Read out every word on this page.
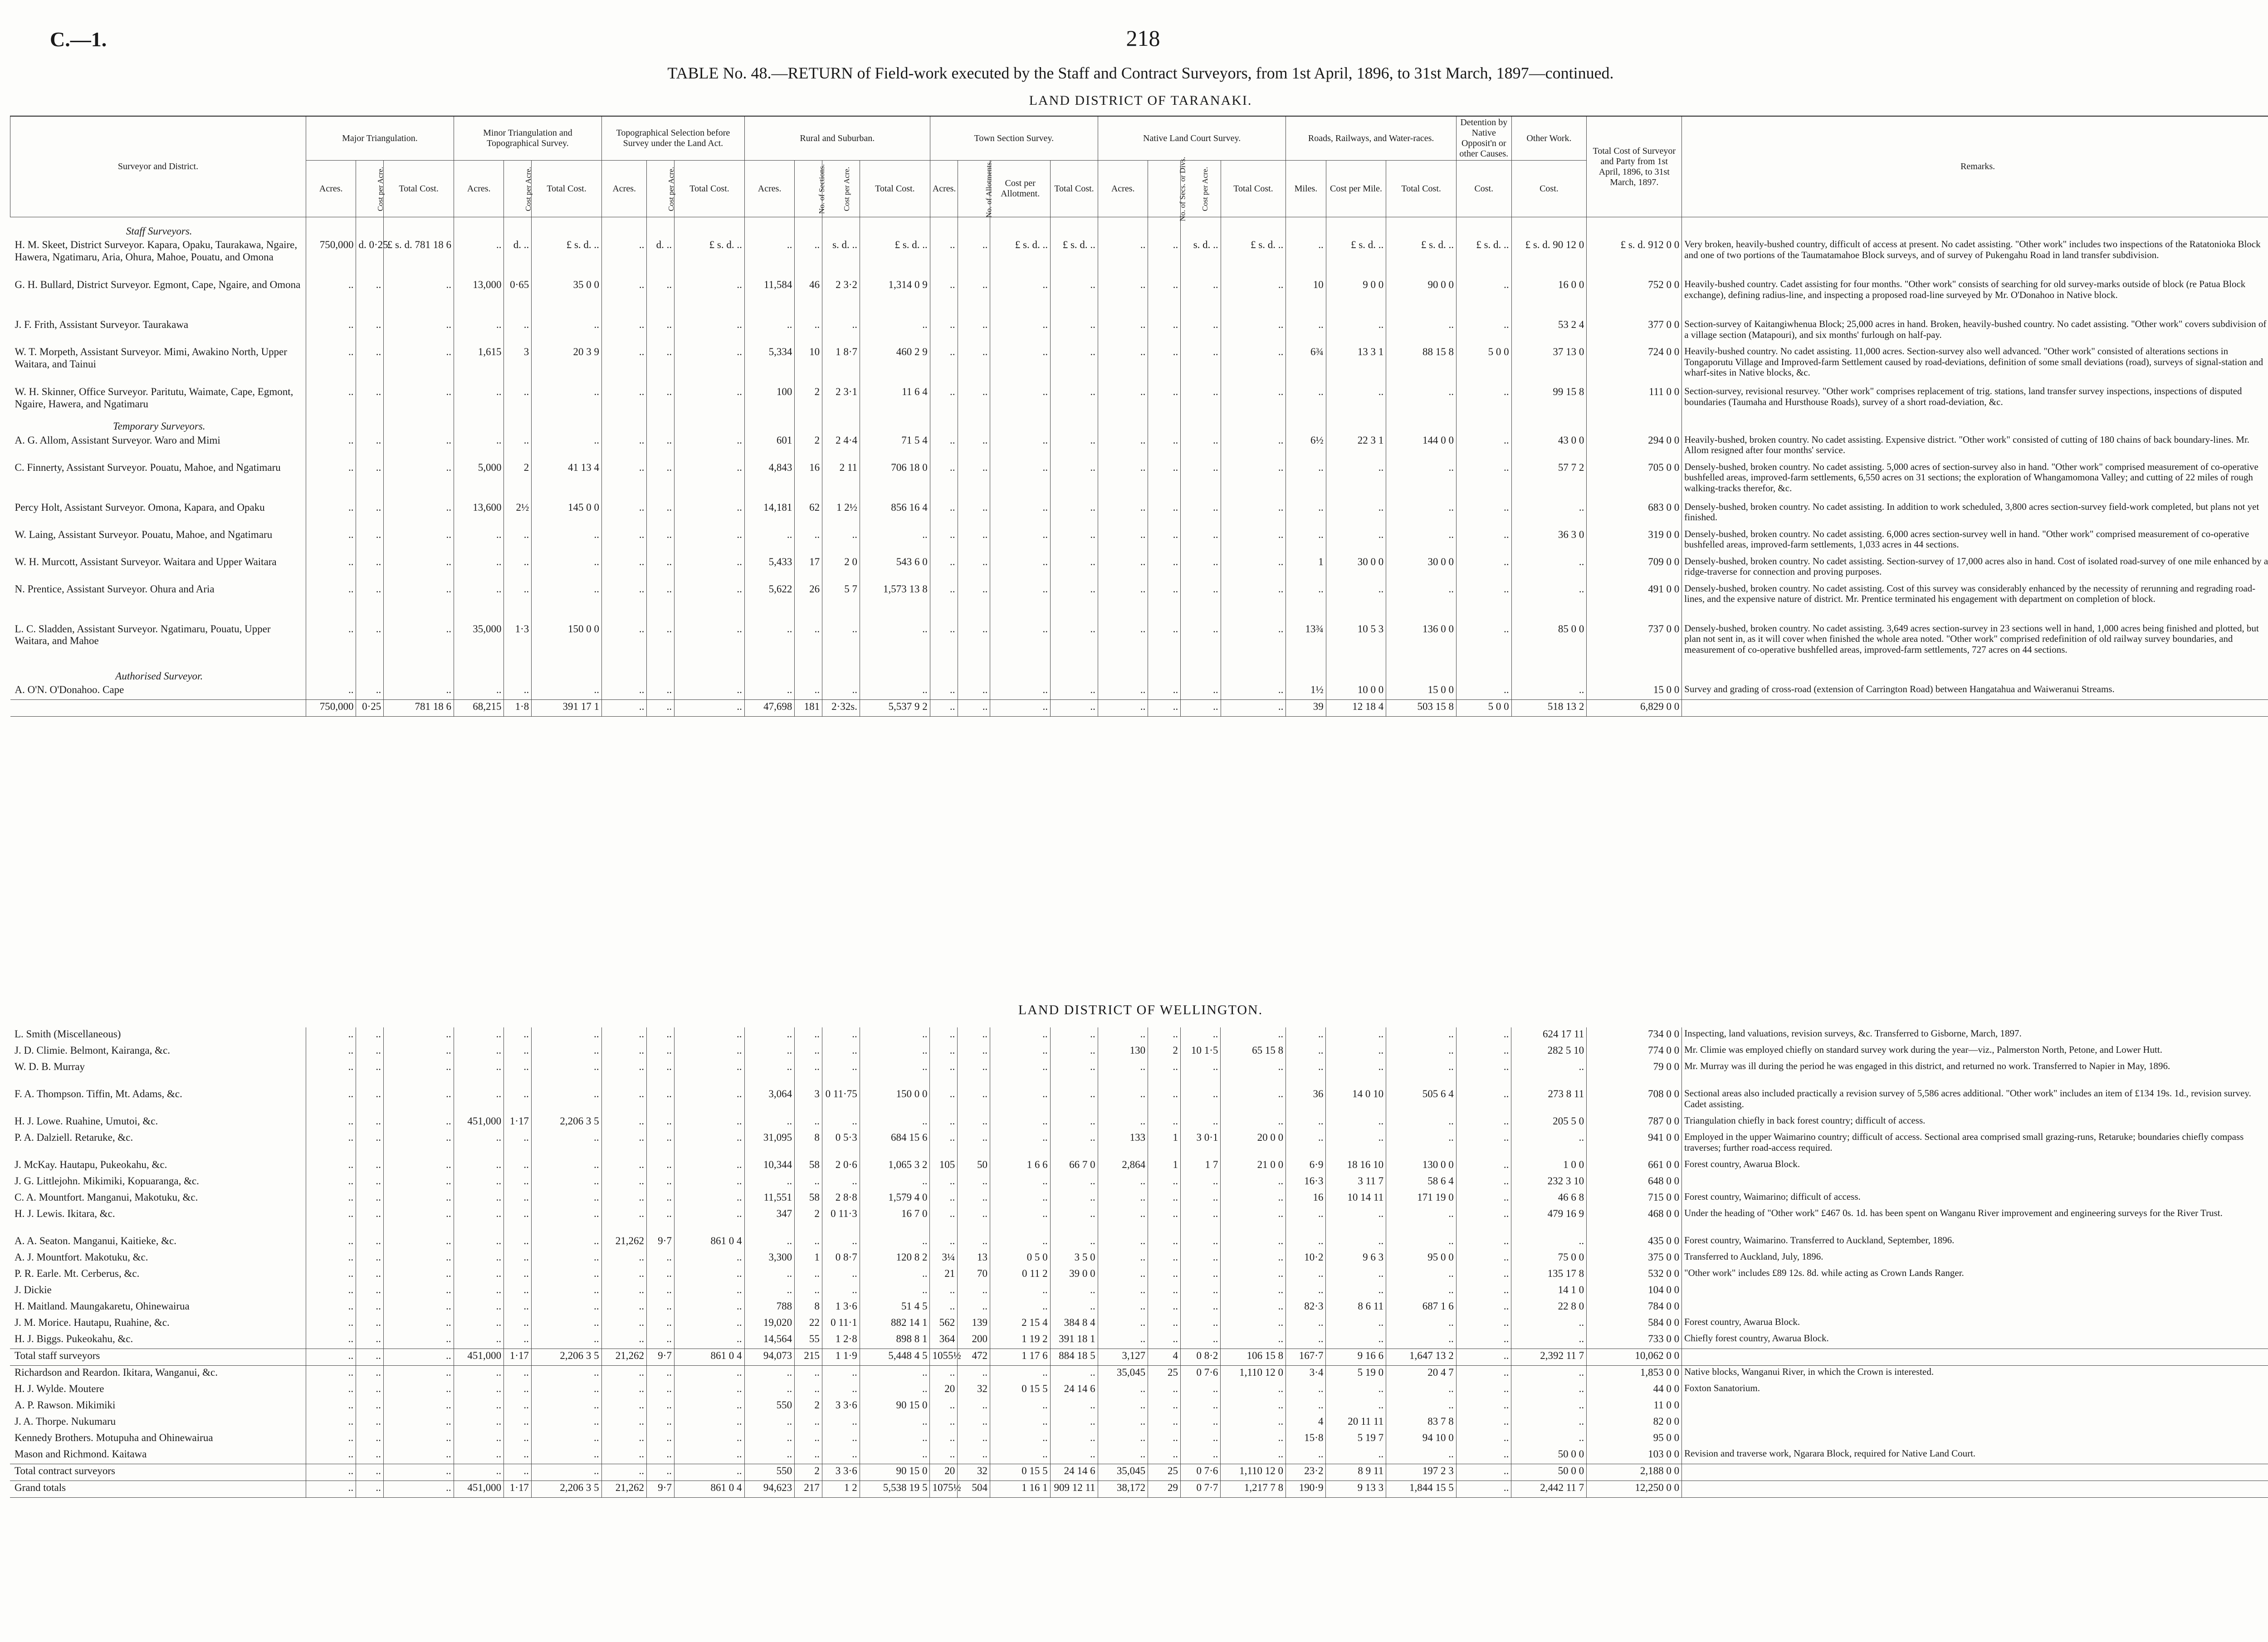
C.—1.	218
TABLE No. 48.—RETURN of Field-work executed by the Staff and Contract Surveyors, from 1st April, 1896, to 31st March, 1897—continued.
LAND DISTRICT OF TARANAKI.
Surveyor and District.	Major Triangulation.			Minor Triangulation and Topographical Survey.			Topographical Selection before Survey under the Land Act.			Rural and Suburban.				Town Section Survey.				Native Land Court Survey.				Roads, Railways, and Water-races.			Detention by Native Opposit'n or other Causes.	Other Work.	Total Cost of Surveyor and Party from 1st April, 1896, to 31st March, 1897.	Remarks.
	Acres.	Cost per Acre.	Total Cost.	Acres.	Cost per Acre.	Total Cost.	Acres.	Cost per Acre.	Total Cost.	Acres.	No. of Sections.	Cost per Acre.	Total Cost.	Acres.	No. of Allotments.	Cost per Allotment.	Total Cost.	Acres.	No. of Secs. or Divs.	Cost per Acre.	Total Cost.	Miles.	Cost per Mile.	Total Cost.	Cost.	Cost.		
Staff Surveyors.																												
H. M. Skeet, District Surveyor. Kapara, Opaku, Taurakawa, Ngaire, Hawera, Ngatimaru, Aria, Ohura, Mahoe, Pouatu, and Omona	750,000	d. 0·25	£ s. d. 781 18 6	..	d. ..	£ s. d. ..	..	d. ..	£ s. d. ..	..	..	s. d. ..	£ s. d. ..	..	..	£ s. d. ..	£ s. d. ..	..	..	s. d. ..	£ s. d. ..	..	£ s. d. ..	£ s. d. ..	£ s. d. ..	£ s. d. 90 12 0	£ s. d. 912 0 0	Very broken, heavily-bushed country, difficult of access at present. No cadet assisting. "Other work" includes two inspections of the Ratatonioka Block and one of two portions of the Taumatamahoe Block surveys, and of survey of Pukengahu Road in land transfer subdivision.
G. H. Bullard, District Surveyor. Egmont, Cape, Ngaire, and Omona	..	..	..	13,000	0·65	35 0 0	..	..	..	11,584	46	2 3·2	1,314 0 9	..	..	..	..	..	..	..	..	10	9 0 0	90 0 0	..	16 0 0	752 0 0	Heavily-bushed country. Cadet assisting for four months. "Other work" consists of searching for old survey-marks outside of block (re Patua Block exchange), defining radius-line, and inspecting a proposed road-line surveyed by Mr. O'Donahoo in Native block.
J. F. Frith, Assistant Surveyor. Taurakawa	..	..	..	..	..	..	..	..	..	..	..	..	..	..	..	..	..	..	..	..	..	..	..	..	..	53 2 4	377 0 0	Section-survey of Kaitangiwhenua Block; 25,000 acres in hand. Broken, heavily-bushed country. No cadet assisting. "Other work" covers subdivision of a village section (Matapouri), and six months' furlough on half-pay.
W. T. Morpeth, Assistant Surveyor. Mimi, Awakino North, Upper Waitara, and Tainui	..	..	..	1,615	3	20 3 9	..	..	..	5,334	10	1 8·7	460 2 9	..	..	..	..	..	..	..	..	6¾	13 3 1	88 15 8	5 0 0	37 13 0	724 0 0	Heavily-bushed country. No cadet assisting. 11,000 acres. Section-survey also well advanced. "Other work" consisted of alterations sections in Tongaporutu Village and Improved-farm Settlement caused by road-deviations, definition of some small deviations (road), surveys of signal-station and wharf-sites in Native blocks, &c.
W. H. Skinner, Office Surveyor. Paritutu, Waimate, Cape, Egmont, Ngaire, Hawera, and Ngatimaru	..	..	..	..	..	..	..	..	..	100	2	2 3·1	11 6 4	..	..	..	..	..	..	..	..	..	..	..	..	99 15 8	111 0 0	Section-survey, revisional resurvey. "Other work" comprises replacement of trig. stations, land transfer survey inspections, inspections of disputed boundaries (Taumaha and Hursthouse Roads), survey of a short road-deviation, &c.
Temporary Surveyors.																												
A. G. Allom, Assistant Surveyor. Waro and Mimi	..	..	..	..	..	..	..	..	..	601	2	2 4·4	71 5 4	..	..	..	..	..	..	..	..	6½	22 3 1	144 0 0	..	43 0 0	294 0 0	Heavily-bushed, broken country. No cadet assisting. Expensive district. "Other work" consisted of cutting of 180 chains of back boundary-lines. Mr. Allom resigned after four months' service.
C. Finnerty, Assistant Surveyor. Pouatu, Mahoe, and Ngatimaru	..	..	..	5,000	2	41 13 4	..	..	..	4,843	16	2 11	706 18 0	..	..	..	..	..	..	..	..	..	..	..	..	57 7 2	705 0 0	Densely-bushed, broken country. No cadet assisting. 5,000 acres of section-survey also in hand. "Other work" comprised measurement of co-operative bushfelled areas, improved-farm settlements, 6,550 acres on 31 sections; the exploration of Whangamomona Valley; and cutting of 22 miles of rough walking-tracks therefor, &c.
Percy Holt, Assistant Surveyor. Omona, Kapara, and Opaku	..	..	..	13,600	2½	145 0 0	..	..	..	14,181	62	1 2½	856 16 4	..	..	..	..	..	..	..	..	..	..	..	..	..	683 0 0	Densely-bushed, broken country. No cadet assisting. In addition to work scheduled, 3,800 acres section-survey field-work completed, but plans not yet finished.
W. Laing, Assistant Surveyor. Pouatu, Mahoe, and Ngatimaru	..	..	..	..	..	..	..	..	..	..	..	..	..	..	..	..	..	..	..	..	..	..	..	..	..	36 3 0	319 0 0	Densely-bushed, broken country. No cadet assisting. 6,000 acres section-survey well in hand. "Other work" comprised measurement of co-operative bushfelled areas, improved-farm settlements, 1,033 acres in 44 sections.
W. H. Murcott, Assistant Surveyor. Waitara and Upper Waitara	..	..	..	..	..	..	..	..	..	5,433	17	2 0	543 6 0	..	..	..	..	..	..	..	..	1	30 0 0	30 0 0	..	..	709 0 0	Densely-bushed, broken country. No cadet assisting. Section-survey of 17,000 acres also in hand. Cost of isolated road-survey of one mile enhanced by a ridge-traverse for connection and proving purposes.
N. Prentice, Assistant Surveyor. Ohura and Aria	..	..	..	..	..	..	..	..	..	5,622	26	5 7	1,573 13 8	..	..	..	..	..	..	..	..	..	..	..	..	..	491 0 0	Densely-bushed, broken country. No cadet assisting. Cost of this survey was considerably enhanced by the necessity of rerunning and regrading road-lines, and the expensive nature of district. Mr. Prentice terminated his engagement with department on completion of block.
L. C. Sladden, Assistant Surveyor. Ngatimaru, Pouatu, Upper Waitara, and Mahoe	..	..	..	35,000	1·3	150 0 0	..	..	..	..	..	..	..	..	..	..	..	..	..	..	..	13¾	10 5 3	136 0 0	..	85 0 0	737 0 0	Densely-bushed, broken country. No cadet assisting. 3,649 acres section-survey in 23 sections well in hand, 1,000 acres being finished and plotted, but plan not sent in, as it will cover when finished the whole area noted. "Other work" comprised redefinition of old railway survey boundaries, and measurement of co-operative bushfelled areas, improved-farm settlements, 727 acres on 44 sections.
Authorised Surveyor.																												
A. O'N. O'Donahoo. Cape	..	..	..	..	..	..	..	..	..	..	..	..	..	..	..	..	..	..	..	..	..	1½	10 0 0	15 0 0	..	..	15 0 0	Survey and grading of cross-road (extension of Carrington Road) between Hangatahua and Waiweranui Streams.
	750,000	0·25	781 18 6	68,215	1·8	391 17 1	..	..	..	47,698	181	2·32s.	5,537 9 2	..	..	..	..	..	..	..	..	39	12 18 4	503 15 8	5 0 0	518 13 2	6,829 0 0	
LAND DISTRICT OF WELLINGTON.
L. Smith (Miscellaneous)	..	..	..	..	..	..	..	..	..	..	..	..	..	..	..	..	..	..	..	..	..	..	..	..	..	624 17 11	734 0 0	Inspecting, land valuations, revision surveys, &c. Transferred to Gisborne, March, 1897.
J. D. Climie. Belmont, Kairanga, &c.	..	..	..	..	..	..	..	..	..	..	..	..	..	..	..	..	..	130	2	10 1·5	65 15 8	..	..	..	..	282 5 10	774 0 0	Mr. Climie was employed chiefly on standard survey work during the year—viz., Palmerston North, Petone, and Lower Hutt.
W. D. B. Murray	..	..	..	..	..	..	..	..	..	..	..	..	..	..	..	..	..	..	..	..	..	..	..	..	..	..	79 0 0	Mr. Murray was ill during the period he was engaged in this district, and returned no work. Transferred to Napier in May, 1896.
F. A. Thompson. Tiffin, Mt. Adams, &c.	..	..	..	..	..	..	..	..	..	3,064	3	0 11·75	150 0 0	..	..	..	..	..	..	..	..	36	14 0 10	505 6 4	..	273 8 11	708 0 0	Sectional areas also included practically a revision survey of 5,586 acres additional. "Other work" includes an item of £134 19s. 1d., revision survey. Cadet assisting.
H. J. Lowe. Ruahine, Umutoi, &c.	..	..	..	451,000	1·17	2,206 3 5	..	..	..	..	..	..	..	..	..	..	..	..	..	..	..	..	..	..	..	205 5 0	787 0 0	Triangulation chiefly in back forest country; difficult of access.
P. A. Dalziell. Retaruke, &c.	..	..	..	..	..	..	..	..	..	31,095	8	0 5·3	684 15 6	..	..	..	..	133	1	3 0·1	20 0 0	..	..	..	..	..	941 0 0	Employed in the upper Waimarino country; difficult of access. Sectional area comprised small grazing-runs, Retaruke; boundaries chiefly compass traverses; further road-access required.
J. McKay. Hautapu, Pukeokahu, &c.	..	..	..	..	..	..	..	..	..	10,344	58	2 0·6	1,065 3 2	105	50	1 6 6	66 7 0	2,864	1	1 7	21 0 0	6·9	18 16 10	130 0 0	..	1 0 0	661 0 0	Forest country, Awarua Block.
J. G. Littlejohn. Mikimiki, Kopuaranga, &c.	..	..	..	..	..	..	..	..	..	..	..	..	..	..	..	..	..	..	..	..	..	16·3	3 11 7	58 6 4	..	232 3 10	648 0 0	
C. A. Mountfort. Manganui, Makotuku, &c.	..	..	..	..	..	..	..	..	..	11,551	58	2 8·8	1,579 4 0	..	..	..	..	..	..	..	..	16	10 14 11	171 19 0	..	46 6 8	715 0 0	Forest country, Waimarino; difficult of access.
H. J. Lewis. Ikitara, &c.	..	..	..	..	..	..	..	..	..	347	2	0 11·3	16 7 0	..	..	..	..	..	..	..	..	..	..	..	..	479 16 9	468 0 0	Under the heading of "Other work" £467 0s. 1d. has been spent on Wanganu River improvement and engineering surveys for the River Trust.
A. A. Seaton. Manganui, Kaitieke, &c.	..	..	..	..	..	..	21,262	9·7	861 0 4	..	..	..	..	..	..	..	..	..	..	..	..	..	..	..	..	..	435 0 0	Forest country, Waimarino. Transferred to Auckland, September, 1896.
A. J. Mountfort. Makotuku, &c.	..	..	..	..	..	..	..	..	..	3,300	1	0 8·7	120 8 2	3¼	13	0 5 0	3 5 0	..	..	..	..	10·2	9 6 3	95 0 0	..	75 0 0	375 0 0	Transferred to Auckland, July, 1896.
P. R. Earle. Mt. Cerberus, &c.	..	..	..	..	..	..	..	..	..	..	..	..	..	21	70	0 11 2	39 0 0	..	..	..	..	..	..	..	..	135 17 8	532 0 0	"Other work" includes £89 12s. 8d. while acting as Crown Lands Ranger.
J. Dickie	..	..	..	..	..	..	..	..	..	..	..	..	..	..	..	..	..	..	..	..	..	..	..	..	..	14 1 0	104 0 0	
H. Maitland. Maungakaretu, Ohinewairua	..	..	..	..	..	..	..	..	..	788	8	1 3·6	51 4 5	..	..	..	..	..	..	..	..	82·3	8 6 11	687 1 6	..	22 8 0	784 0 0	
J. M. Morice. Hautapu, Ruahine, &c.	..	..	..	..	..	..	..	..	..	19,020	22	0 11·1	882 14 1	562	139	2 15 4	384 8 4	..	..	..	..	..	..	..	..	..	584 0 0	Forest country, Awarua Block.
H. J. Biggs. Pukeokahu, &c.	..	..	..	..	..	..	..	..	..	14,564	55	1 2·8	898 8 1	364	200	1 19 2	391 18 1	..	..	..	..	..	..	..	..	..	733 0 0	Chiefly forest country, Awarua Block.
Total staff surveyors	..	..	..	451,000	1·17	2,206 3 5	21,262	9·7	861 0 4	94,073	215	1 1·9	5,448 4 5	1055½	472	1 17 6	884 18 5	3,127	4	0 8·2	106 15 8	167·7	9 16 6	1,647 13 2	..	2,392 11 7	10,062 0 0	
Richardson and Reardon. Ikitara, Wanganui, &c.	..	..	..	..	..	..	..	..	..	..	..	..	..	..	..	..	..	35,045	25	0 7·6	1,110 12 0	3·4	5 19 0	20 4 7	..	..	1,853 0 0	Native blocks, Wanganui River, in which the Crown is interested.
H. J. Wylde. Moutere	..	..	..	..	..	..	..	..	..	..	..	..	..	20	32	0 15 5	24 14 6	..	..	..	..	..	..	..	..	..	44 0 0	Foxton Sanatorium.
A. P. Rawson. Mikimiki	..	..	..	..	..	..	..	..	..	550	2	3 3·6	90 15 0	..	..	..	..	..	..	..	..	..	..	..	..	..	11 0 0	
J. A. Thorpe. Nukumaru	..	..	..	..	..	..	..	..	..	..	..	..	..	..	..	..	..	..	..	..	..	4	20 11 11	83 7 8	..	..	82 0 0	
Kennedy Brothers. Motupuha and Ohinewairua	..	..	..	..	..	..	..	..	..	..	..	..	..	..	..	..	..	..	..	..	..	15·8	5 19 7	94 10 0	..	..	95 0 0	
Mason and Richmond. Kaitawa	..	..	..	..	..	..	..	..	..	..	..	..	..	..	..	..	..	..	..	..	..	..	..	..	..	50 0 0	103 0 0	Revision and traverse work, Ngarara Block, required for Native Land Court.
Total contract surveyors	..	..	..	..	..	..	..	..	..	550	2	3 3·6	90 15 0	20	32	0 15 5	24 14 6	35,045	25	0 7·6	1,110 12 0	23·2	8 9 11	197 2 3	..	50 0 0	2,188 0 0	
Grand totals	..	..	..	451,000	1·17	2,206 3 5	21,262	9·7	861 0 4	94,623	217	1 2	5,538 19 5	1075½	504	1 16 1	909 12 11	38,172	29	0 7·7	1,217 7 8	190·9	9 13 3	1,844 15 5	..	2,442 11 7	12,250 0 0	
